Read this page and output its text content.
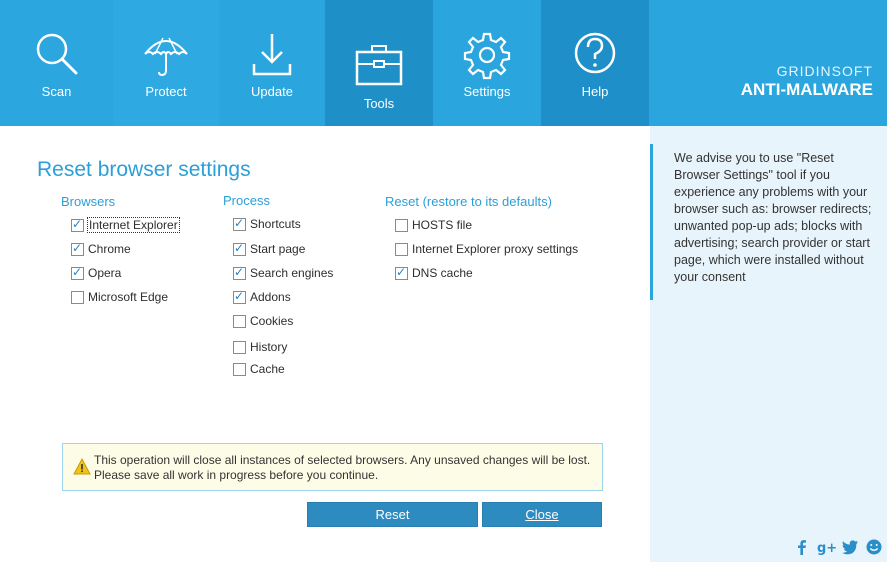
Scan	Protect	Update
Tools
Settings	Help
GRIDINSOFT
ANTI-MALWARE
Reset browser settings
Browsers
✓
Internet Explorer
✓
Chrome
✓
Opera
Microsoft Edge
Process
✓
Shortcuts
✓
Start page
✓
Search engines
✓
Addons
Cookies
History
Cache
Reset (restore to its defaults)
HOSTS file
Internet Explorer proxy settings
✓
DNS cache
This operation will close all instances of selected browsers. Any unsaved changes will be lost.
Please save all work in progress before you continue.
Reset	Close
We advise you to use "Reset Browser Settings" tool if you experience any problems with your browser such as: browser redirects; unwanted pop-up ads; blocks with advertising; search provider or start page, which were installed without your consent
g+
